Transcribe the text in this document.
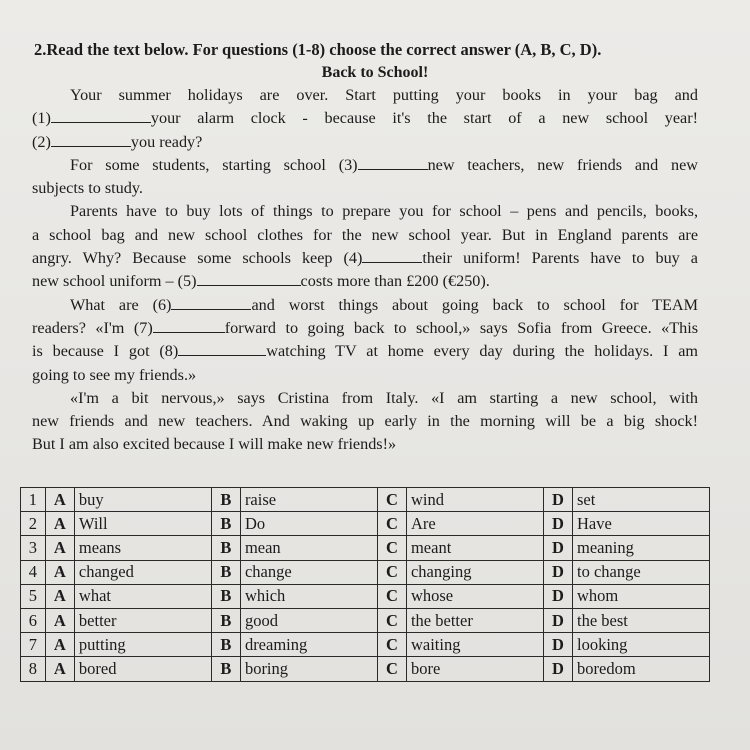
2.Read the text below. For questions (1-8) choose the correct answer (A, B, C, D).
Back to School!

Your summer holidays are over. Start putting your books in your bag and
(1)	your alarm clock - because it's the start of a new school year!
(2)	you ready?

For some students, starting school (3)	new teachers, new friends and new
subjects to study.

Parents have to buy lots of things to prepare you for school – pens and pencils, books,
a school bag and new school clothes for the new school year. But in England parents are
angry. Why? Because some schools keep (4)	their uniform! Parents have to buy a
new school uniform – (5)	costs more than £200 (€250).

What are (6)	and worst things about going back to school for TEAM
readers? «I'm (7)	forward to going back to school,» says Sofia from Greece. «This
is because I got (8)	watching TV at home every day during the holidays. I am
going to see my friends.»

«I'm a bit nervous,» says Cristina from Italy. «I am starting a new school, with
new friends and new teachers. And waking up early in the morning will be a big shock!
But I am also excited because I will make new friends!»

1	A	buy	B	raise	C	wind	D	set
2	A	Will	B	Do	C	Are	D	Have
3	A	means	B	mean	C	meant	D	meaning
4	A	changed	B	change	C	changing	D	to change
5	A	what	B	which	C	whose	D	whom
6	A	better	B	good	C	the better	D	the best
7	A	putting	B	dreaming	C	waiting	D	looking
8	A	bored	B	boring	C	bore	D	boredom
